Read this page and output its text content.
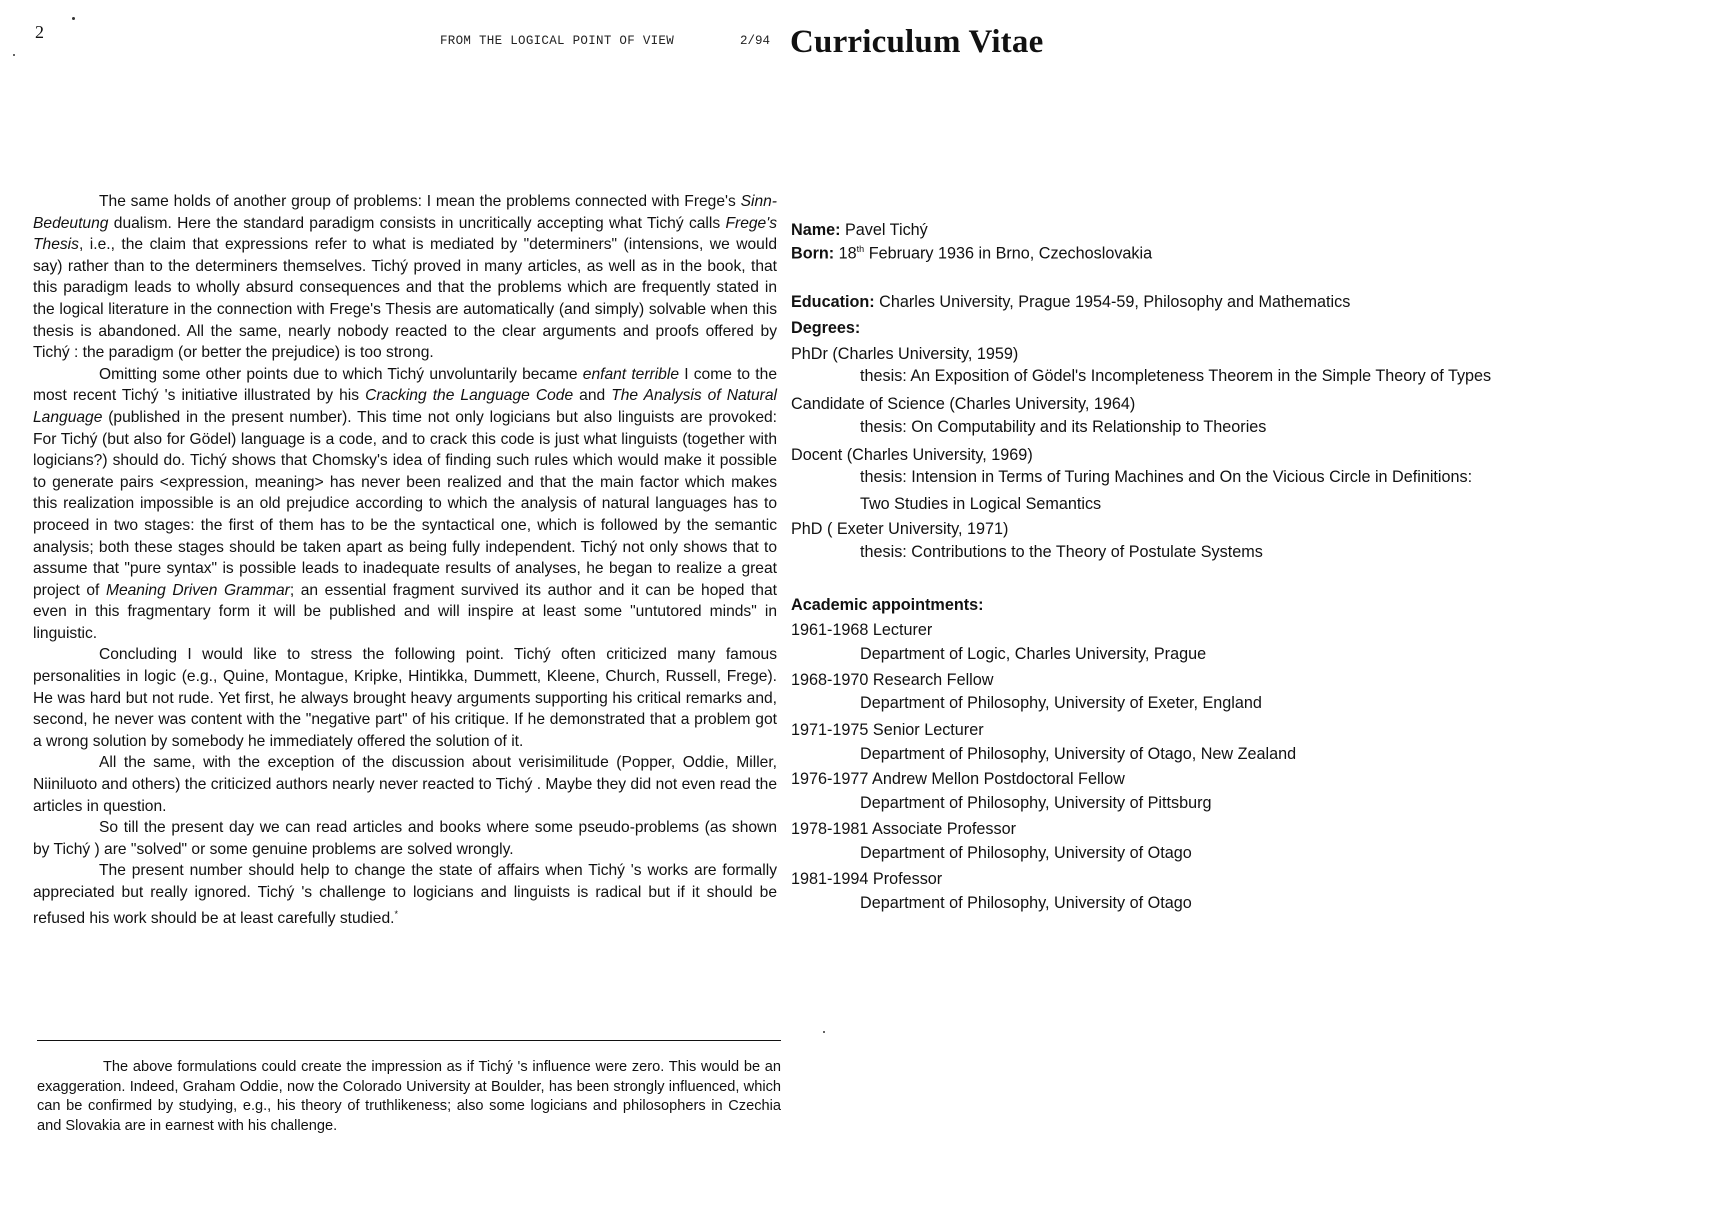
2	FROM THE LOGICAL POINT OF VIEW	2/94 Curriculum Vitae

The same holds of another group of problems: I mean the problems connected with Frege's Sinn-Bedeutung dualism. Here the standard paradigm consists in uncritically accepting what Tichý calls Frege's Thesis, i.e., the claim that expressions refer to what is mediated by "determiners" (intensions, we would say) rather than to the determiners themselves. Tichý proved in many articles, as well as in the book, that this paradigm leads to wholly absurd consequences and that the problems which are frequently stated in the logical literature in the connection with Frege's Thesis are automatically (and simply) solvable when this thesis is abandoned. All the same, nearly nobody reacted to the clear arguments and proofs offered by Tichý : the paradigm (or better the prejudice) is too strong.

Omitting some other points due to which Tichý unvoluntarily became enfant terrible I come to the most recent Tichý 's initiative illustrated by his Cracking the Language Code and The Analysis of Natural Language (published in the present number). This time not only logicians but also linguists are provoked: For Tichý (but also for Gödel) language is a code, and to crack this code is just what linguists (together with logicians?) should do. Tichý shows that Chomsky's idea of finding such rules which would make it possible to generate pairs <expression, meaning> has never been realized and that the main factor which makes this realization impossible is an old prejudice according to which the analysis of natural languages has to proceed in two stages: the first of them has to be the syntactical one, which is followed by the semantic analysis; both these stages should be taken apart as being fully independent. Tichý not only shows that to assume that "pure syntax" is possible leads to inadequate results of analyses, he began to realize a great project of Meaning Driven Grammar; an essential fragment survived its author and it can be hoped that even in this fragmentary form it will be published and will inspire at least some "untutored minds" in linguistic.

Concluding I would like to stress the following point. Tichý often criticized many famous personalities in logic (e.g., Quine, Montague, Kripke, Hintikka, Dummett, Kleene, Church, Russell, Frege). He was hard but not rude. Yet first, he always brought heavy arguments supporting his critical remarks and, second, he never was content with the "negative part" of his critique. If he demonstrated that a problem got a wrong solution by somebody he immediately offered the solution of it.

All the same, with the exception of the discussion about verisimilitude (Popper, Oddie, Miller, Niiniluoto and others) the criticized authors nearly never reacted to Tichý . Maybe they did not even read the articles in question.

So till the present day we can read articles and books where some pseudo-problems (as shown by Tichý ) are "solved" or some genuine problems are solved wrongly.

The present number should help to change the state of affairs when Tichý 's works are formally appreciated but really ignored. Tichý 's challenge to logicians and linguists is radical but if it should be refused his work should be at least carefully studied.*

The above formulations could create the impression as if Tichý 's influence were zero. This would be an exaggeration. Indeed, Graham Oddie, now the Colorado University at Boulder, has been strongly influenced, which can be confirmed by studying, e.g., his theory of truthlikeness; also some logicians and philosophers in Czechia and Slovakia are in earnest with his challenge.

Name: Pavel Tichý
Born: 18th February 1936 in Brno, Czechoslovakia
Education: Charles University, Prague 1954-59, Philosophy and Mathematics
Degrees:
PhDr (Charles University, 1959)
thesis: An Exposition of Gödel's Incompleteness Theorem in the Simple Theory of Types
Candidate of Science (Charles University, 1964)
thesis: On Computability and its Relationship to Theories
Docent (Charles University, 1969)
thesis: Intension in Terms of Turing Machines and On the Vicious Circle in Definitions:
Two Studies in Logical Semantics
PhD ( Exeter University, 1971)
thesis: Contributions to the Theory of Postulate Systems
Academic appointments:
1961-1968 Lecturer
Department of Logic, Charles University, Prague
1968-1970 Research Fellow
Department of Philosophy, University of Exeter, England
1971-1975 Senior Lecturer
Department of Philosophy, University of Otago, New Zealand
1976-1977 Andrew Mellon Postdoctoral Fellow
Department of Philosophy, University of Pittsburg
1978-1981 Associate Professor
Department of Philosophy, University of Otago
1981-1994 Professor
Department of Philosophy, University of Otago
